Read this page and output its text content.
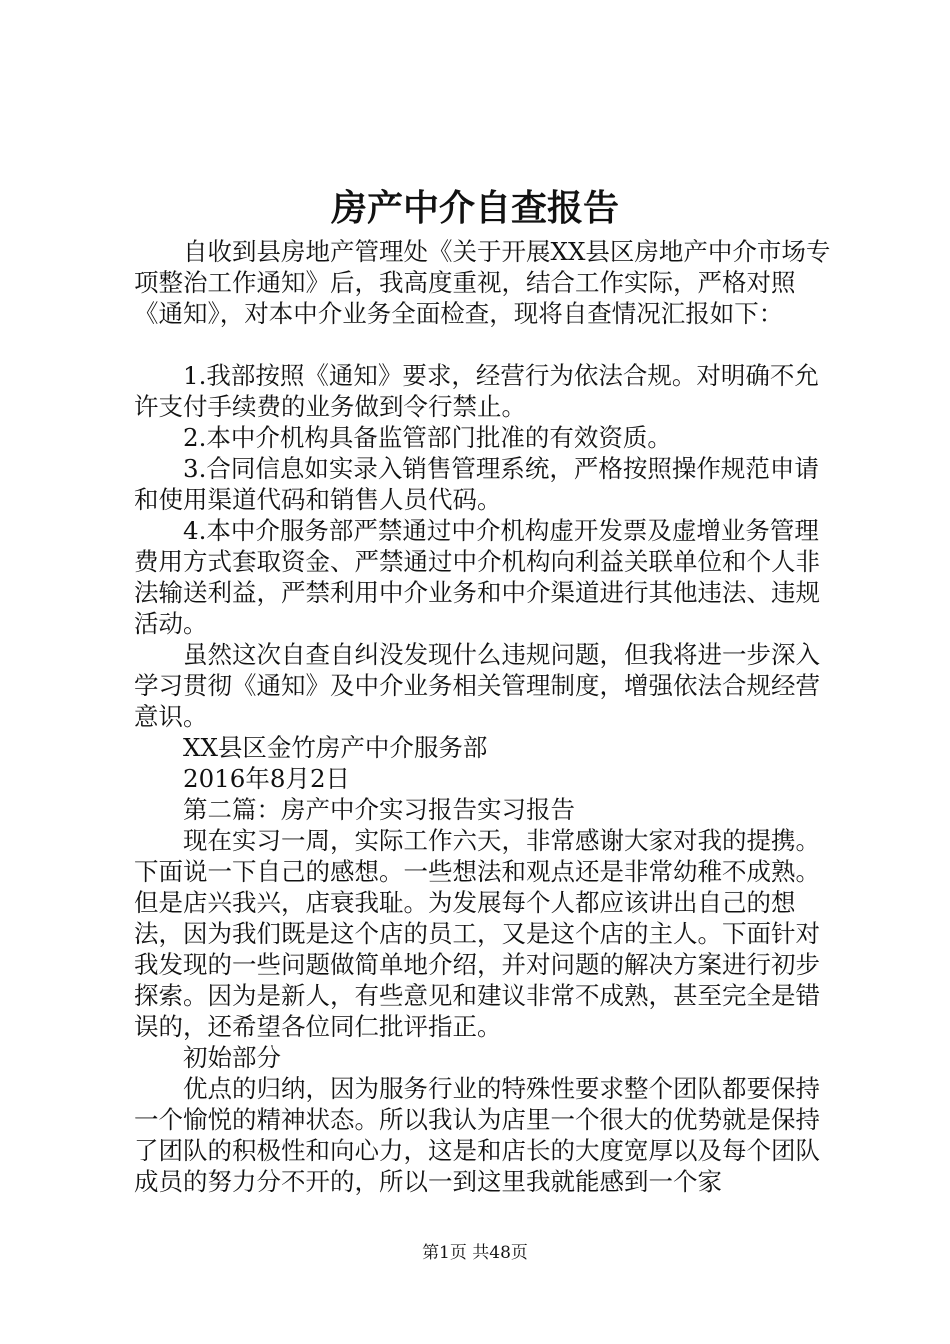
房产中介自查报告

自收到县房地产管理处《关于开展XX县区房地产中介市场专项整治工作通知》后，我高度重视，结合工作实际，严格对照《通知》，对本中介业务全面检查，现将自查情况汇报如下：

1.我部按照《通知》要求，经营行为依法合规。对明确不允许支付手续费的业务做到令行禁止。

2.本中介机构具备监管部门批准的有效资质。

3.合同信息如实录入销售管理系统，严格按照操作规范申请和使用渠道代码和销售人员代码。

4.本中介服务部严禁通过中介机构虚开发票及虚增业务管理费用方式套取资金、严禁通过中介机构向利益关联单位和个人非法输送利益，严禁利用中介业务和中介渠道进行其他违法、违规活动。

虽然这次自查自纠没发现什么违规问题，但我将进一步深入学习贯彻《通知》及中介业务相关管理制度，增强依法合规经营意识。

XX县区金竹房产中介服务部

2016年8月2日

第二篇：房产中介实习报告实习报告

现在实习一周，实际工作六天，非常感谢大家对我的提携。下面说一下自己的感想。一些想法和观点还是非常幼稚不成熟。但是店兴我兴，店衰我耻。为发展每个人都应该讲出自己的想法，因为我们既是这个店的员工，又是这个店的主人。下面针对我发现的一些问题做简单地介绍，并对问题的解决方案进行初步探索。因为是新人，有些意见和建议非常不成熟，甚至完全是错误的，还希望各位同仁批评指正。

初始部分

优点的归纳，因为服务行业的特殊性要求整个团队都要保持一个愉悦的精神状态。所以我认为店里一个很大的优势就是保持了团队的积极性和向心力，这是和店长的大度宽厚以及每个团队成员的努力分不开的，所以一到这里我就能感到一个家

第1页 共48页
